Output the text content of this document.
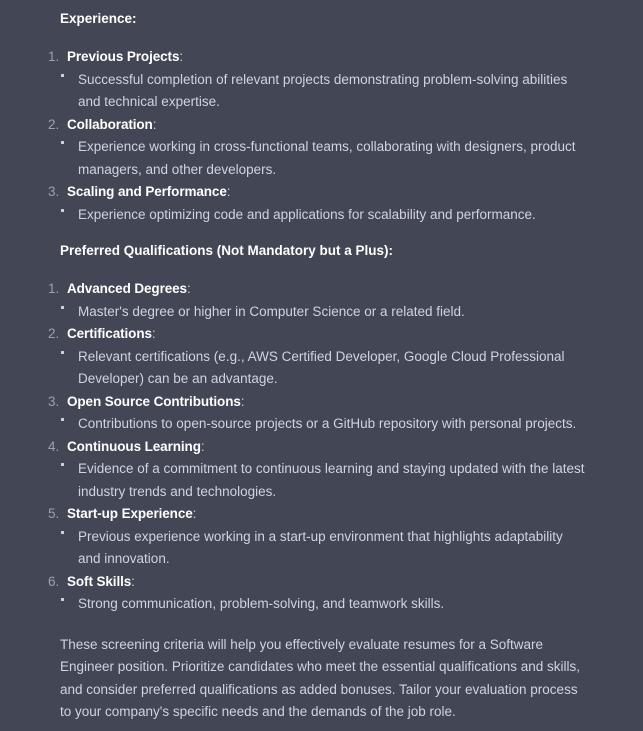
Experience:
1 . Previous Projects:
Successful completion of relevant projects demonstrating problem-solving abilities and technical expertise.
2 . Collaboration:
Experience working in cross-functional teams, collaborating with designers, product managers, and other developers.
3 . Scaling and Performance:
Experience optimizing code and applications for scalability and performance.
Preferred Qualifications (Not Mandatory but a Plus):
1 . Advanced Degrees:
Master's degree or higher in Computer Science or a related field.
2 . Certifications:
Relevant certifications (e.g., AWS Certified Developer, Google Cloud Professional Developer) can be an advantage.
3 . Open Source Contributions:
Contributions to open-source projects or a GitHub repository with personal projects.
4 . Continuous Learning:
Evidence of a commitment to continuous learning and staying updated with the latest industry trends and technologies.
5 . Start-up Experience:
Previous experience working in a start-up environment that highlights adaptability and innovation.
6 . Soft Skills:
Strong communication, problem-solving, and teamwork skills.

These screening criteria will help you effectively evaluate resumes for a Software Engineer position. Prioritize candidates who meet the essential qualifications and skills, and consider preferred qualifications as added bonuses. Tailor your evaluation process to your company's specific needs and the demands of the job role.
